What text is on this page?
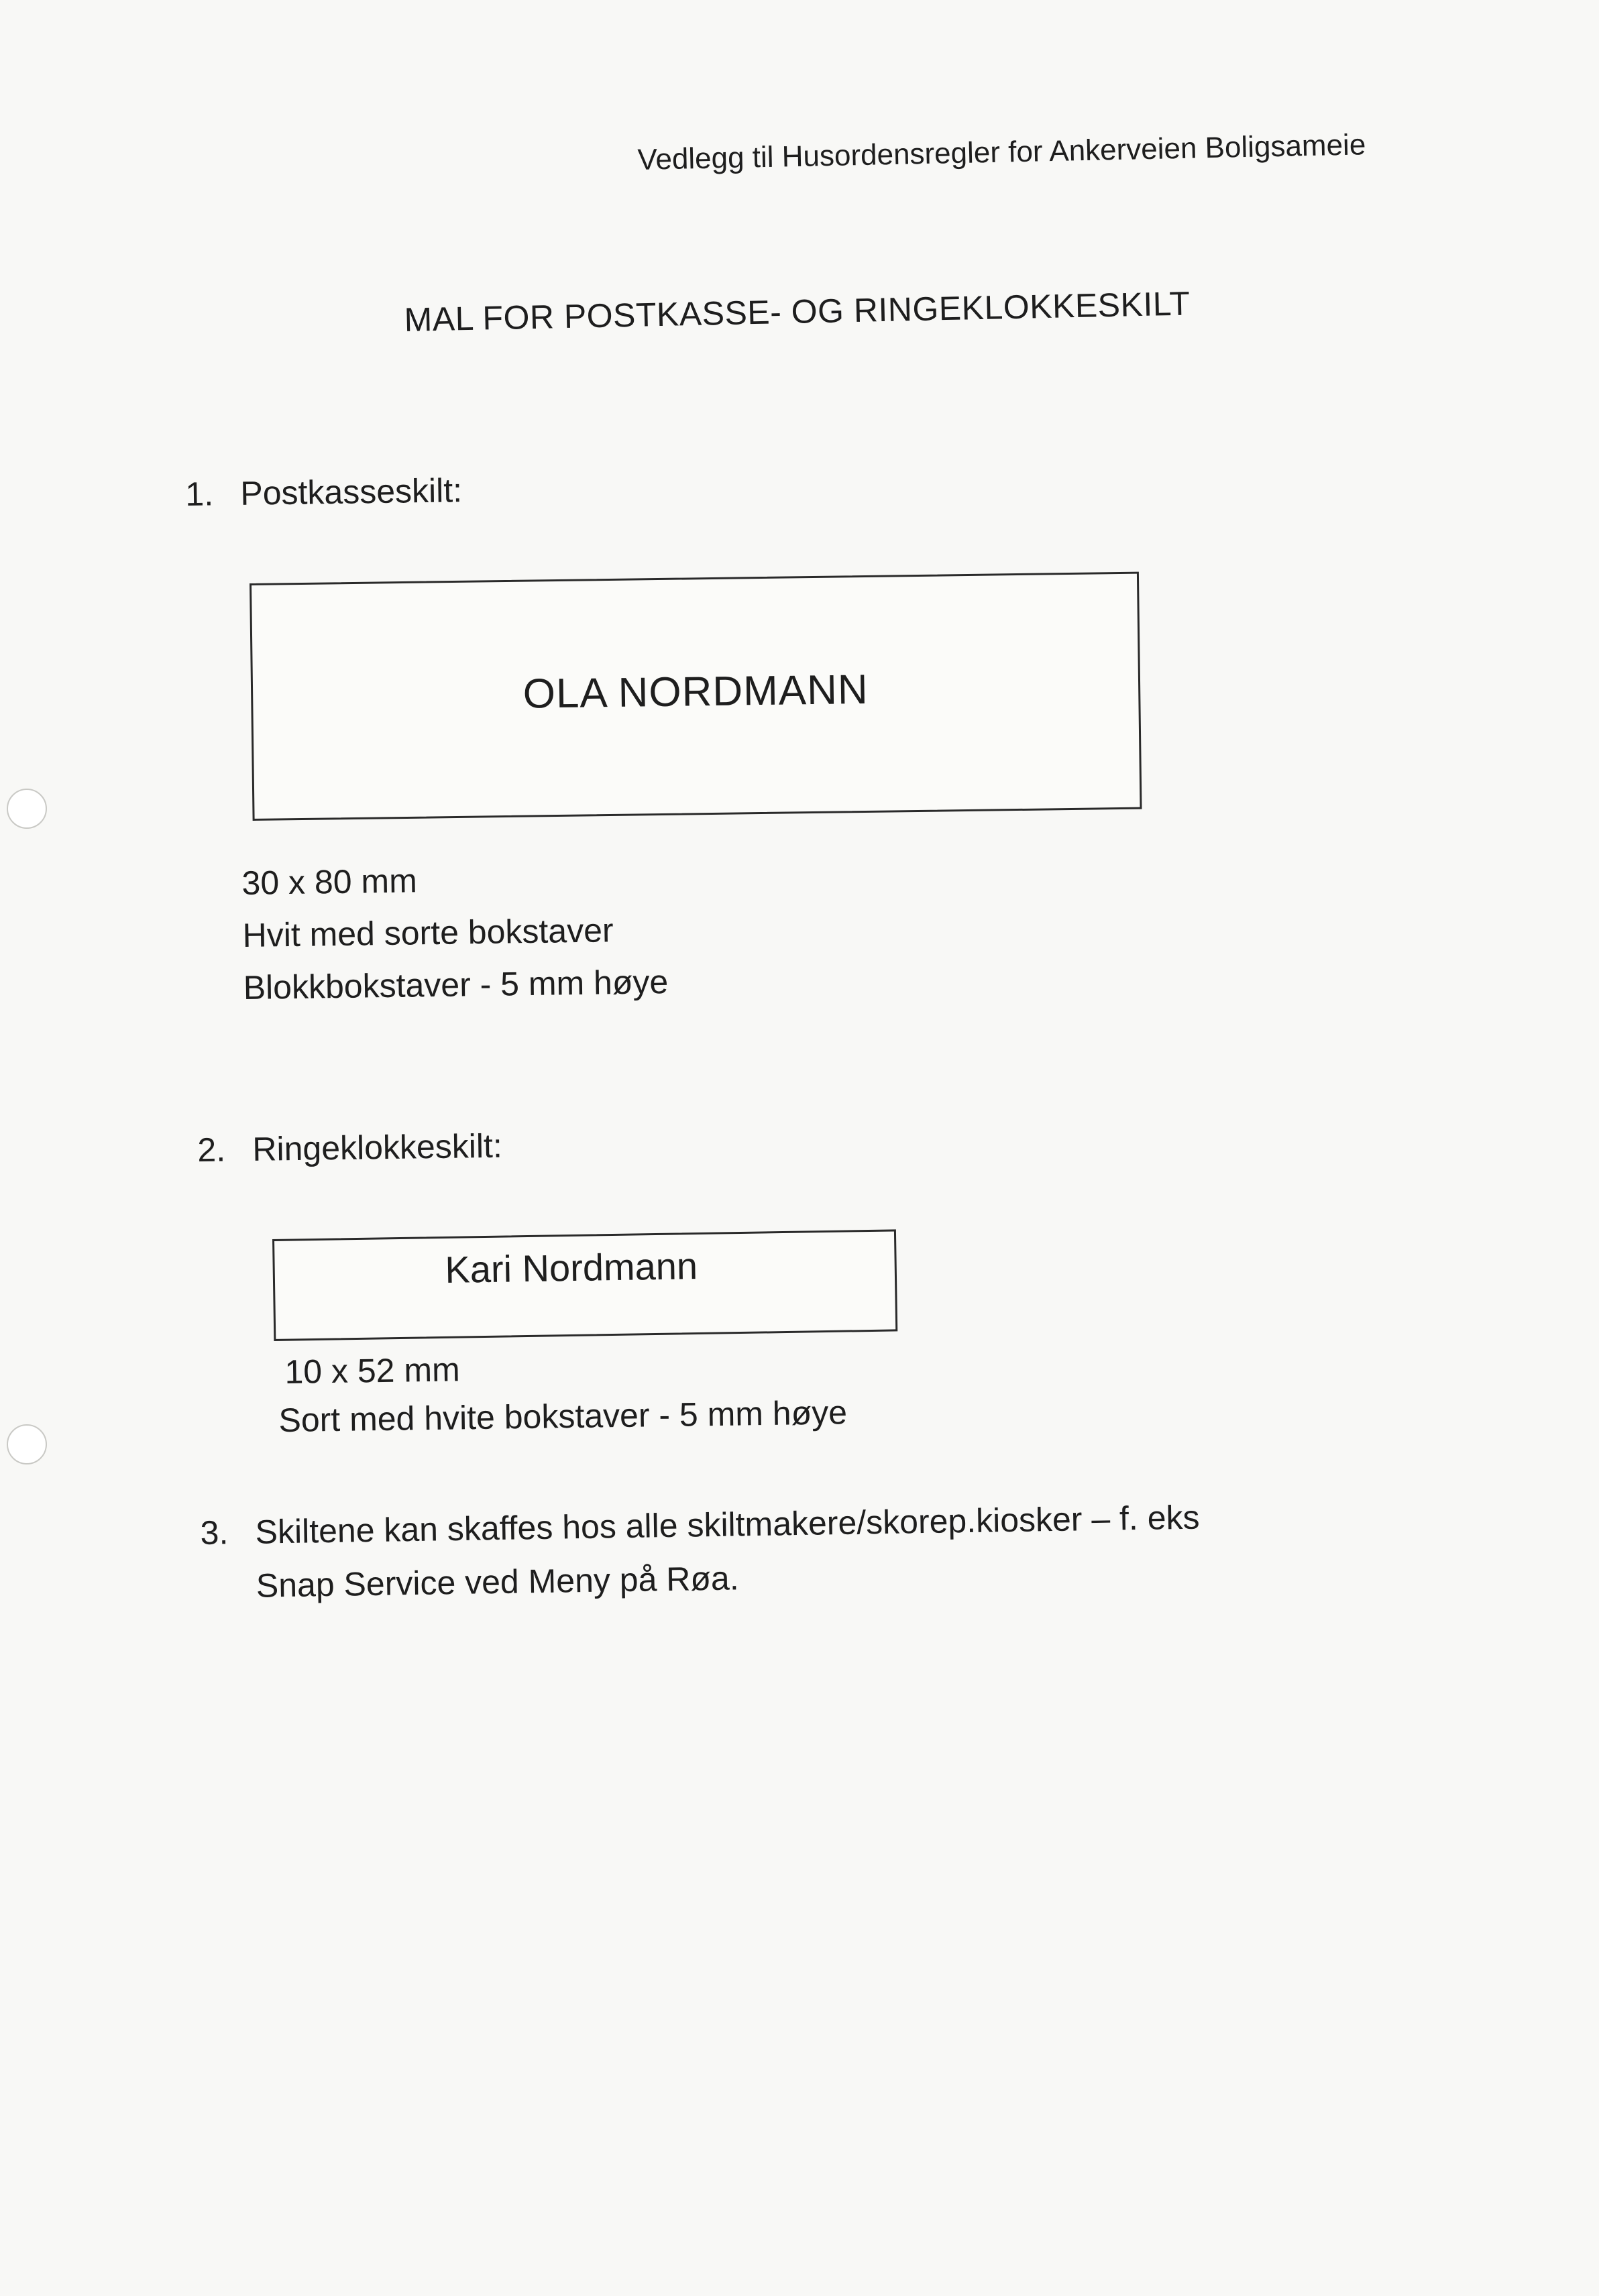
Vedlegg til Husordensregler for Ankerveien Boligsameie
MAL FOR POSTKASSE- OG RINGEKLOKKESKILT
1. Postkasseskilt:
OLA NORDMANN
30 x 80 mm
Hvit med sorte bokstaver
Blokkbokstaver - 5 mm høye
2. Ringeklokkeskilt:
Kari Nordmann
10 x 52 mm
Sort med hvite bokstaver - 5 mm høye
3. Skiltene kan skaffes hos alle skiltmakere/skorep.kiosker – f. eks
Snap Service ved Meny på Røa.
